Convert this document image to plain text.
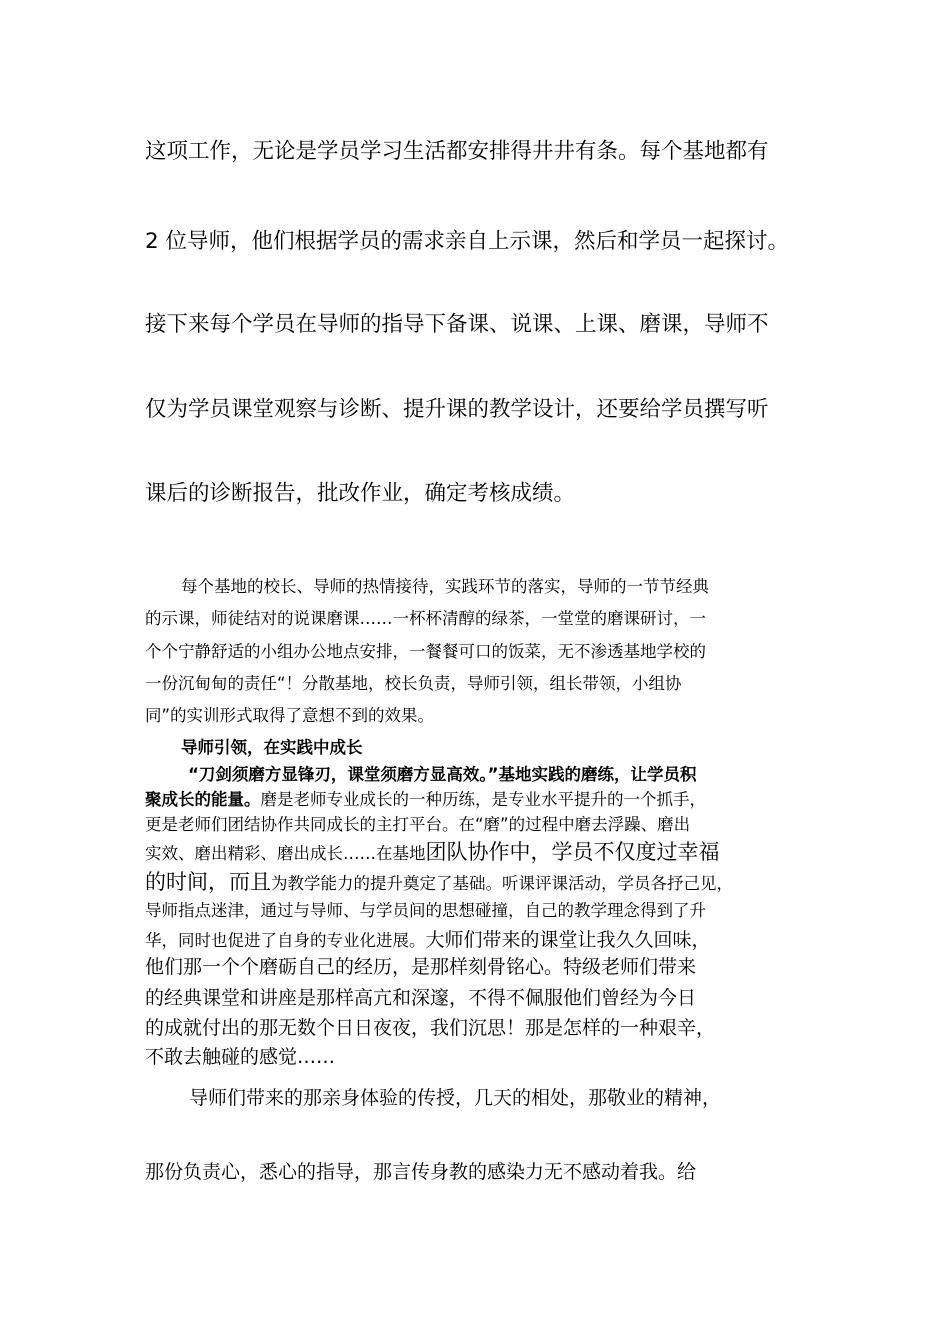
这项工作，无论是学员学习生活都安排得井井有条。每个基地都有

2 位导师，他们根据学员的需求亲自上示课，然后和学员一起探讨。

接下来每个学员在导师的指导下备课、说课、上课、磨课，导师不

仅为学员课堂观察与诊断、提升课的教学设计，还要给学员撰写听

课后的诊断报告，批改作业，确定考核成绩。

每个基地的校长、导师的热情接待，实践环节的落实，导师的一节节经典

的示课，师徒结对的说课磨课……一杯杯清醇的绿茶，一堂堂的磨课研讨，一

个个宁静舒适的小组办公地点安排，一餐餐可口的饭菜，无不渗透基地学校的

一份沉甸甸的责任“！分散基地，校长负责，导师引领，组长带领，小组协

同”的实训形式取得了意想不到的效果。

导师引领，在实践中成长

“刀剑须磨方显锋刃，课堂须磨方显高效。”基地实践的磨练，让学员积

聚成长的能量。磨是老师专业成长的一种历练，是专业水平提升的一个抓手，

更是老师们团结协作共同成长的主打平台。在“磨”的过程中磨去浮躁、磨出

实效、磨出精彩、磨出成长……在基地团队协作中，学员不仅度过幸福

的时间，而且为教学能力的提升奠定了基础。听课评课活动，学员各抒己见，

导师指点迷津，通过与导师、与学员间的思想碰撞，自己的教学理念得到了升

华，同时也促进了自身的专业化进展。大师们带来的课堂让我久久回味，

他们那一个个磨砺自己的经历，是那样刻骨铭心。特级老师们带来

的经典课堂和讲座是那样高亢和深邃，不得不佩服他们曾经为今日

的成就付出的那无数个日日夜夜，我们沉思！那是怎样的一种艰辛，

不敢去触碰的感觉……

导师们带来的那亲身体验的传授，几天的相处，那敬业的精神，

那份负责心，悉心的指导，那言传身教的感染力无不感动着我。给
